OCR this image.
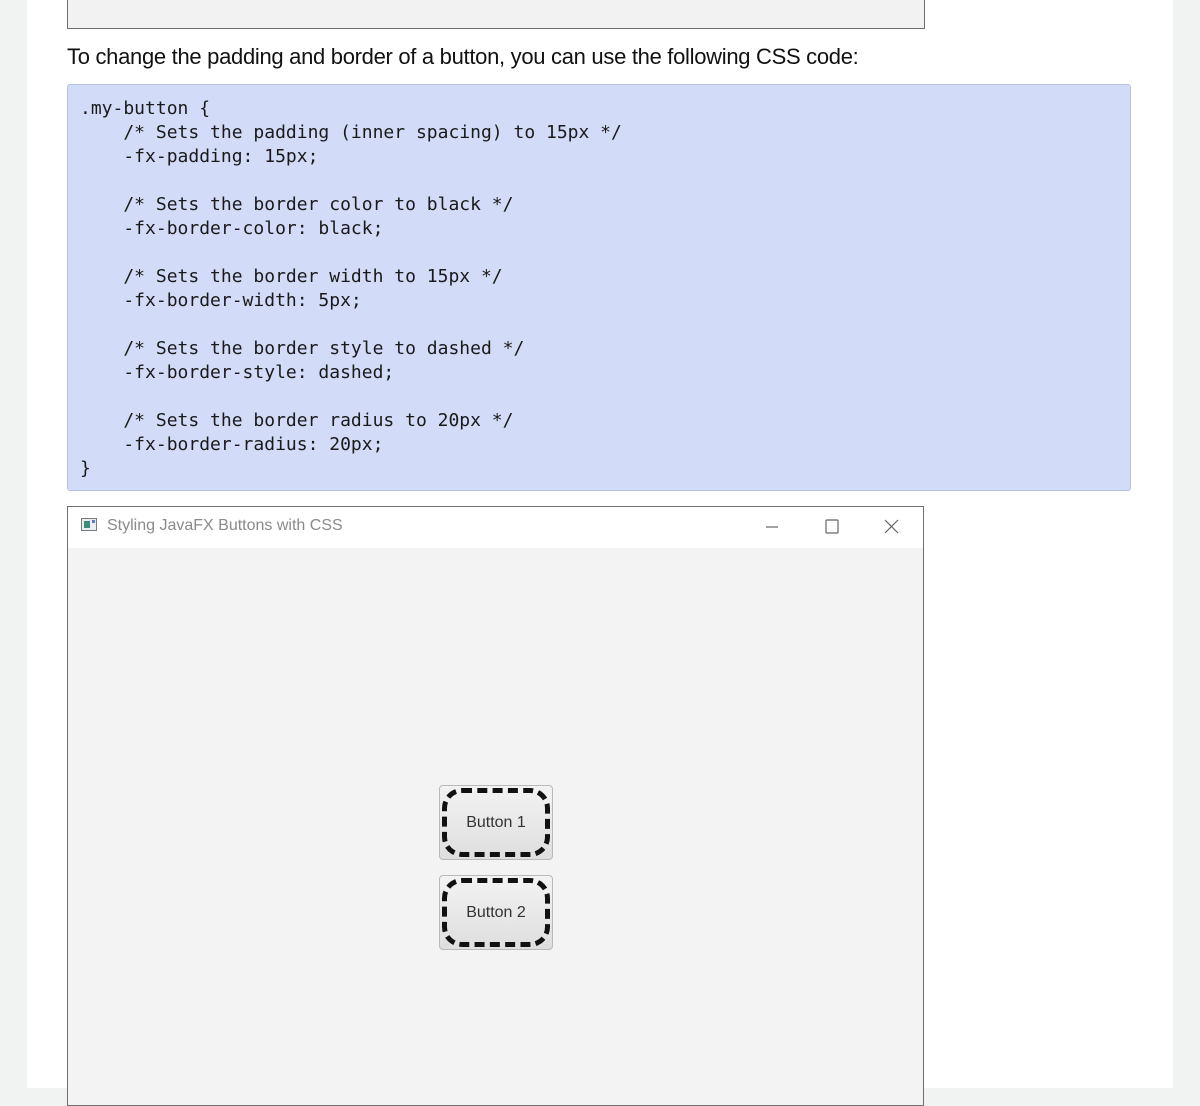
To change the padding and border of a button, you can use the following CSS code:
.my-button {
/* Sets the padding (inner spacing) to 15px */
-fx-padding: 15px;
/* Sets the border color to black */
-fx-border-color: black;
/* Sets the border width to 15px */
-fx-border-width: 5px;
/* Sets the border style to dashed */
-fx-border-style: dashed;
/* Sets the border radius to 20px */
-fx-border-radius: 20px;
}
Styling JavaFX Buttons with CSS
Button 1
Button 2
